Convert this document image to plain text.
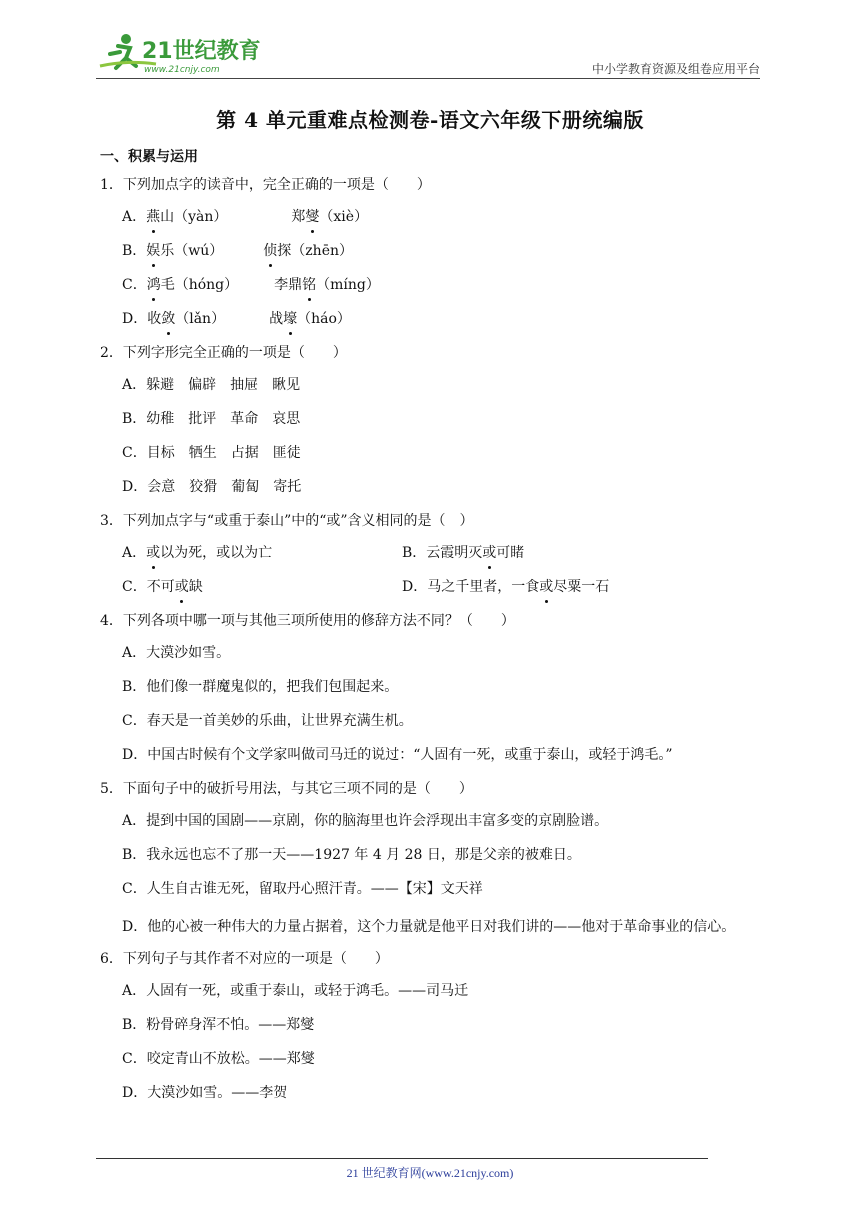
21世纪教育
www.21cnjy.com	中小学教育资源及组卷应用平台
第 4 单元重难点检测卷-语文六年级下册统编版
一、积累与运用
1．下列加点字的读音中，完全正确的一项是（　　）
A．燕山（yàn）	郑燮（xiè）
B．娱乐（wú）	侦探（zhēn）
C．鸿毛（hóng）	李鼎铭（míng）
D．收敛（lǎn）	战壕（háo）
2．下列字形完全正确的一项是（　　）
A．躲避　偏辟　抽屉　瞅见
B．幼稚　批评　革命　哀思
C．目标　牺生　占据　匪徒
D．会意　狡猾　葡匐　寄托
3．下列加点字与“或重于泰山”中的“或”含义相同的是（　）
A．或以为死，或以为亡	B．云霞明灭或可睹
C．不可或缺	D．马之千里者，一食或尽粟一石
4．下列各项中哪一项与其他三项所使用的修辞方法不同？（　　）
A．大漠沙如雪。
B．他们像一群魔鬼似的，把我们包围起来。
C．春天是一首美妙的乐曲，让世界充满生机。
D．中国古时候有个文学家叫做司马迁的说过：“人固有一死，或重于泰山，或轻于鸿毛。”
5．下面句子中的破折号用法，与其它三项不同的是（　　）
A．提到中国的国剧——京剧，你的脑海里也许会浮现出丰富多变的京剧脸谱。
B．我永远也忘不了那一天——1927 年 4 月 28 日，那是父亲的被难日。
C．人生自古谁无死，留取丹心照汗青。——【宋】文天祥
D．他的心被一种伟大的力量占据着，这个力量就是他平日对我们讲的——他对于革命事业的信心。
6．下列句子与其作者不对应的一项是（　　）
A．人固有一死，或重于泰山，或轻于鸿毛。——司马迁
B．粉骨碎身浑不怕。——郑燮
C．咬定青山不放松。——郑燮
D．大漠沙如雪。——李贺
21 世纪教育网(www.21cnjy.com)
